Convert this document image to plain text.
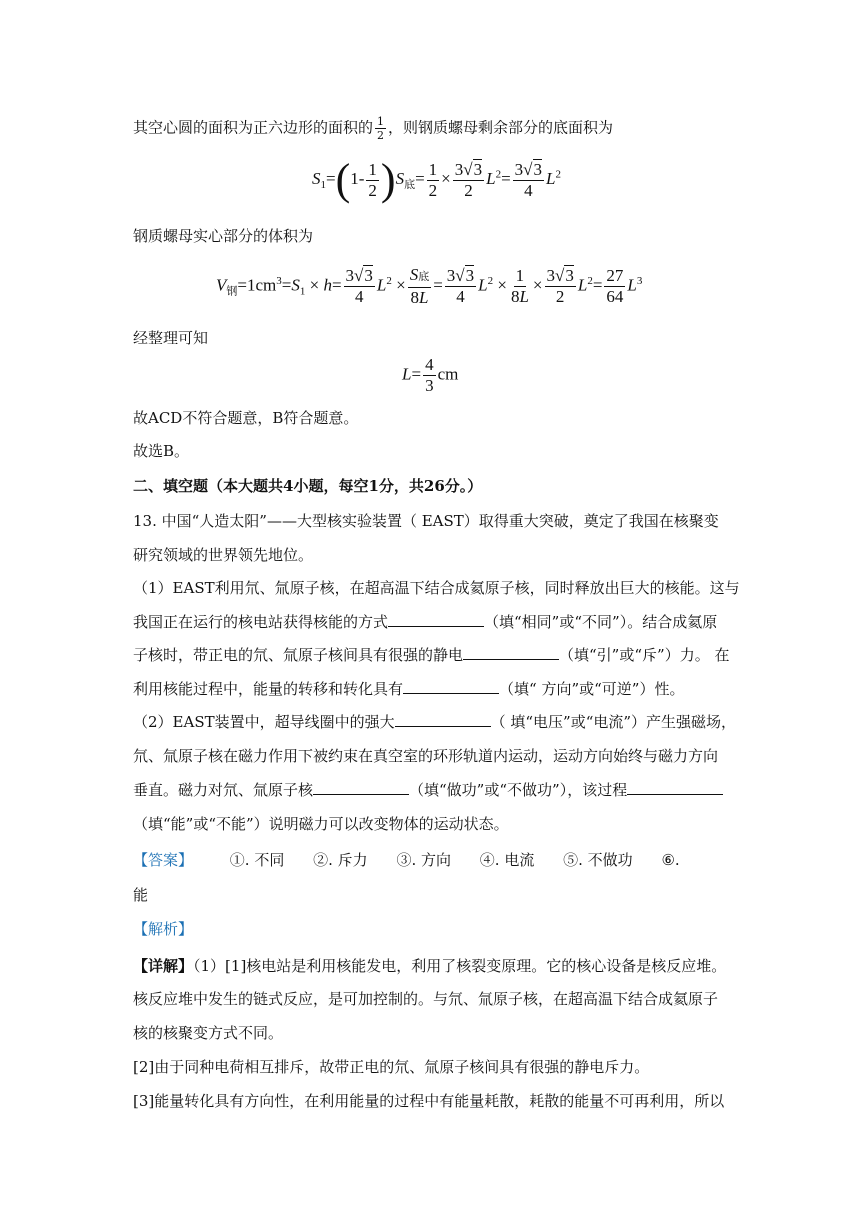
其空心圆的面积为正六边形的面积的 $\frac{1}{2}$ ，则钢质螺母剩余部分的底面积为
$S_1=(1- \frac{1}{2} )S_底= \frac{1}{2} \times \frac{3√3}{2} L^2= \frac{3√3}{4} L^2$
钢质螺母实心部分的体积为
$V_钢=1cm^3=S_1 \times h= \frac{3√3}{4} L^2 \times \frac{\text{S底}}{8L} = \frac{3√3}{4} L^2 \times \frac{1}{8L} \times \frac{3√3}{2} L^2= \frac{27}{64} L^3$
经整理可知
$L= \frac{4}{3}$ cm
故ACD不符合题意，B符合题意。
故选B。
二、填空题（本大题共4小题，每空1分，共26分。）
13. 中国“人造太阳”——大型核实验装置（ EAST）取得重大突破，奠定了我国在核聚变
研究领域的世界领先地位。
（1）EAST利用氘、氚原子核，在超高温下结合成氦原子核，同时释放出巨大的核能。这与
我国正在运行的核电站获得核能的方式	（填“相同”或“不同”）。结合成氦原
子核时，带正电的氘、氚原子核间具有很强的静电	（填“引”或“斥”）力。 在
利用核能过程中，能量的转移和转化具有	（填“ 方向”或“可逆”）性。
（2）EAST装置中，超导线圈中的强大	（ 填“电压”或“电流”）产生强磁场，
氘、氚原子核在磁力作用下被约束在真空室的环形轨道内运动，运动方向始终与磁力方向
垂直。磁力对氘、氚原子核	（填“做功”或“不做功”），该过程
（填“能”或“不能”）说明磁力可以改变物体的运动状态。
【答案】 ①. 不同 ②. 斥力 ③. 方向 ④. 电流 ⑤. 不做功 ⑥.
能
【解析】
【详解】（1）[1]核电站是利用核能发电，利用了核裂变原理。它的核心设备是核反应堆。
核反应堆中发生的链式反应，是可加控制的。与氘、氚原子核，在超高温下结合成氦原子
核的核聚变方式不同。
[2]由于同种电荷相互排斥，故带正电的氘、氚原子核间具有很强的静电斥力。
[3]能量转化具有方向性，在利用能量的过程中有能量耗散，耗散的能量不可再利用，所以
